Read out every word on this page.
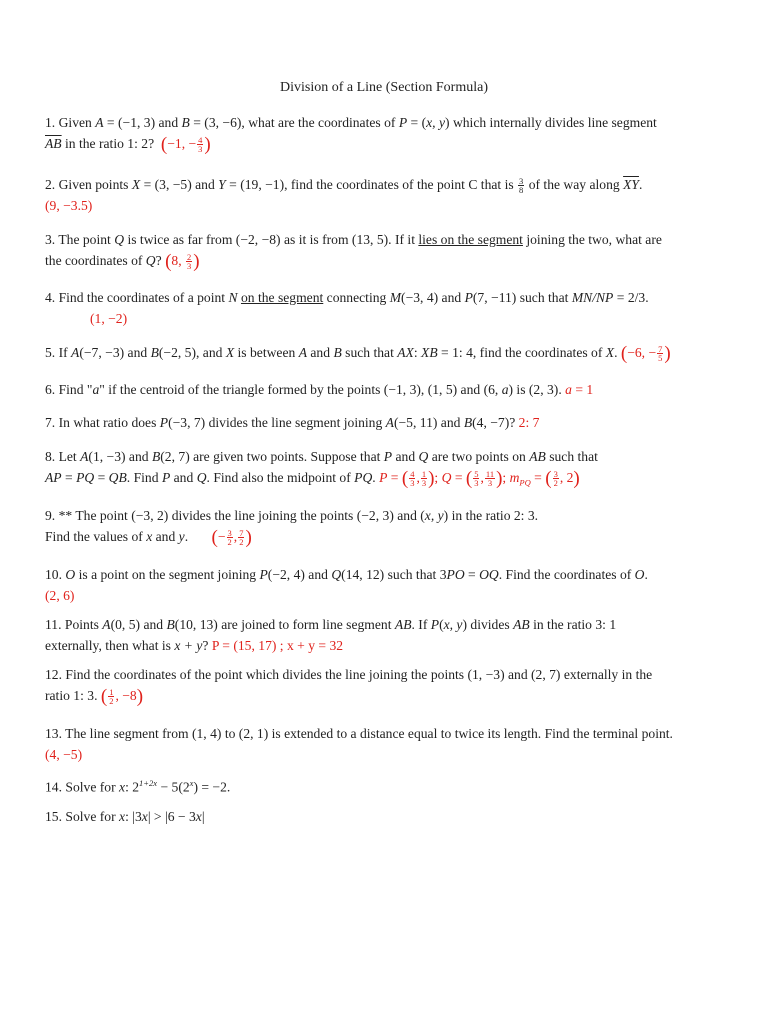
Division of a Line (Section Formula)
1. Given A = (−1, 3) and B = (3, −6), what are the coordinates of P = (x, y) which internally divides line segment
$\overline{AB}$ in the ratio 1: 2?  (−1, − $\frac{4}{3}$ )
2. Given points X = (3, −5) and Y = (19, −1), find the coordinates of the point C that is $\frac{3}{8}$ of the way along $\overline{XY}$.
(9, −3.5)
3. The point Q is twice as far from (−2, −8) as it is from (13, 5). If it lies on the segment joining the two, what are
the coordinates of Q? (8, $\frac{2}{3}$ )
4. Find the coordinates of a point N on the segment connecting M(−3, 4) and P(7, −11) such that MN/NP = 2/3.
(1, −2)
5. If A(−7, −3) and B(−2, 5), and X is between A and B such that AX: XB = 1: 4, find the coordinates of X. (−6, − $\frac{7}{5}$ )
6. Find "a" if the centroid of the triangle formed by the points (−1, 3), (1, 5) and (6, a) is (2, 3). a = 1
7. In what ratio does P(−3, 7) divides the line segment joining A(−5, 11) and B(4, −7)? 2: 7
8. Let A(1, −3) and B(2, 7) are given two points. Suppose that P and Q are two points on AB such that
AP = PQ = QB. Find P and Q. Find also the midpoint of PQ. P = ( $\frac{4}{3}$ , $\frac{1}{3}$ ); Q = ( $\frac{5}{3}$ , $\frac{11}{3}$ ); $m_{PQ}$ = ( $\frac{3}{2}$ , 2)
9. ** The point (−3, 2) divides the line joining the points (−2, 3) and (x, y) in the ratio 2: 3.
Find the values of x and y. (− $\frac{3}{2}$ , $\frac{7}{2}$ )
10. O is a point on the segment joining P(−2, 4) and Q(14, 12) such that 3PO = OQ. Find the coordinates of O.
(2, 6)
11. Points A(0, 5) and B(10, 13) are joined to form line segment AB. If P(x, y) divides AB in the ratio 3: 1
externally, then what is x + y? P = (15, 17) ; x + y = 32
12. Find the coordinates of the point which divides the line joining the points (1, −3) and (2, 7) externally in the
ratio 1: 3. ( $\frac{1}{2}$ , −8)
13. The line segment from (1, 4) to (2, 1) is extended to a distance equal to twice its length. Find the terminal point.
(4, −5)
14. Solve for x: $2^{1+2x} - 5(2^x) = -2$.
15. Solve for x: |3x| > |6 − 3x|
